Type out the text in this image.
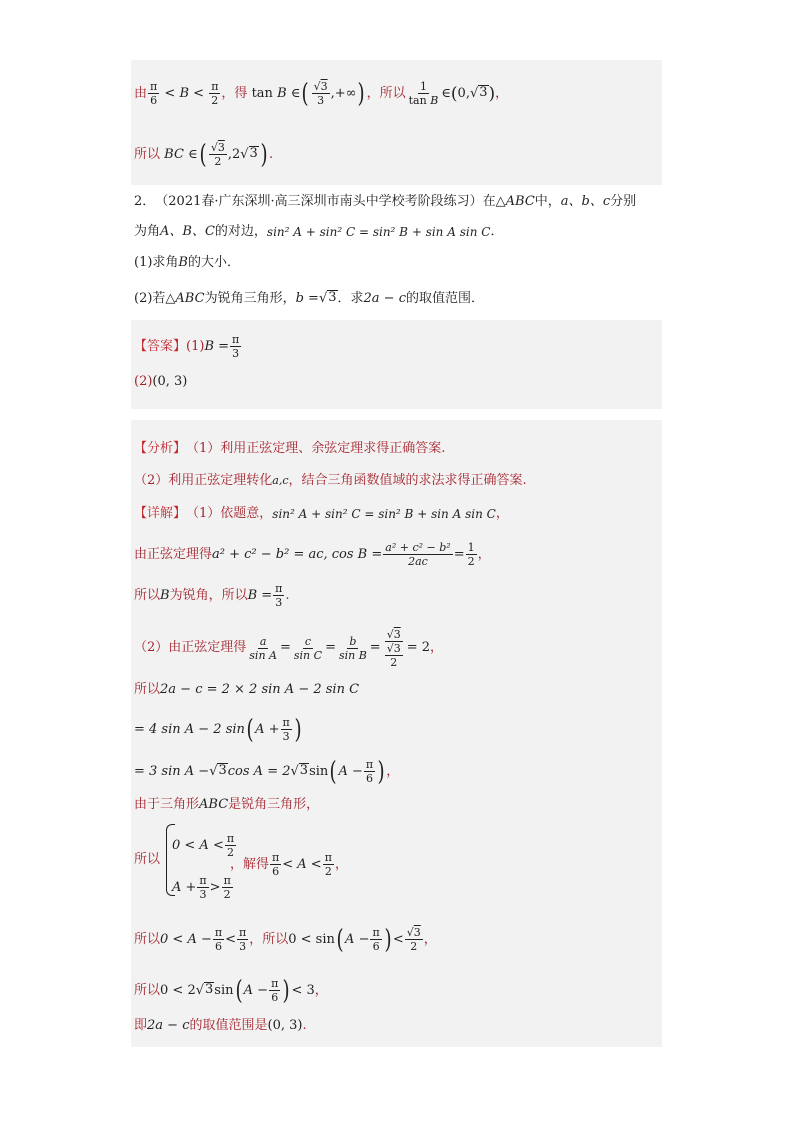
由 $\frac{\pi}{6} < B < \frac{\pi}{2}$ ，得 tan B ∈ ( $\frac{√3}{3}$ ,+∞ ) ，所以 $\frac{1}{\text{tan B}}$ ∈ ( 0, √ 3 ) ，
所以 BC ∈ ( $\frac{√3}{2} ,2$ √ 3 ) .
2． （2021春·广东深圳·高三深圳市南头中学校考阶段练习）在 △ABC 中， a、b、c 分别
为角 A、B、C 的对边， sin² A + sin² C = sin² B + sin A sin C ．
(1)求角 B 的大小．
(2)若 △ABC 为锐角三角形， b = √ 3 ．求 2a − c 的取值范围．
【答案】 (1) $B = \frac{\pi}{3}$
(2) (0, 3)
【分析】 （1）利用正弦定理、余弦定理求得正确答案.
（2）利用正弦定理转化 a,c ，结合三角函数值域的求法求得正确答案.
【详解】 （1）依题意， sin² A + sin² C = sin² B + sin A sin C ，
由正弦定理得 a² + c² − b² = ac, $\cos B = \frac{\text{a² + c² − b²}}{2ac} = \frac{1}{2}$ ，
所以 B 为锐角，所以 $B = \frac{\pi}{3}$ .
（2）由正弦定理得 $\frac{a}{\text{sin A}} = \frac{c}{\text{sin C}} = \frac{b}{\text{sin B}} = \frac{√3}{\frac{√3}{2}} = 2$ ，
所以 2a − c = 2 × 2 sin A − 2 sin C
= 4 sin A − 2 sin ( $A + \frac{\pi}{3}$ )
= 3 sin A − √ 3 cos A = 2 √ 3 sin ( $A - \frac{\pi}{6}$ ) ，
由于三角形 ABC 是锐角三角形，
所以
$0 < A < \frac{\pi}{2}$
$A + \frac{\pi}{3} > \frac{\pi}{2}$
，解得 $\frac{\pi}{6} < A < \frac{\pi}{2}$ ，
所以 $0 < A - \frac{\pi}{6} < \frac{\pi}{3}$ ，所以 0 < sin ( $A - \frac{\pi}{6}$ ) < $\frac{√3}{2}$ ，
所以 0 < 2 √ 3 sin ( $A - \frac{\pi}{6}$ ) < 3 ，
即 2a − c 的取值范围是 (0, 3) .
